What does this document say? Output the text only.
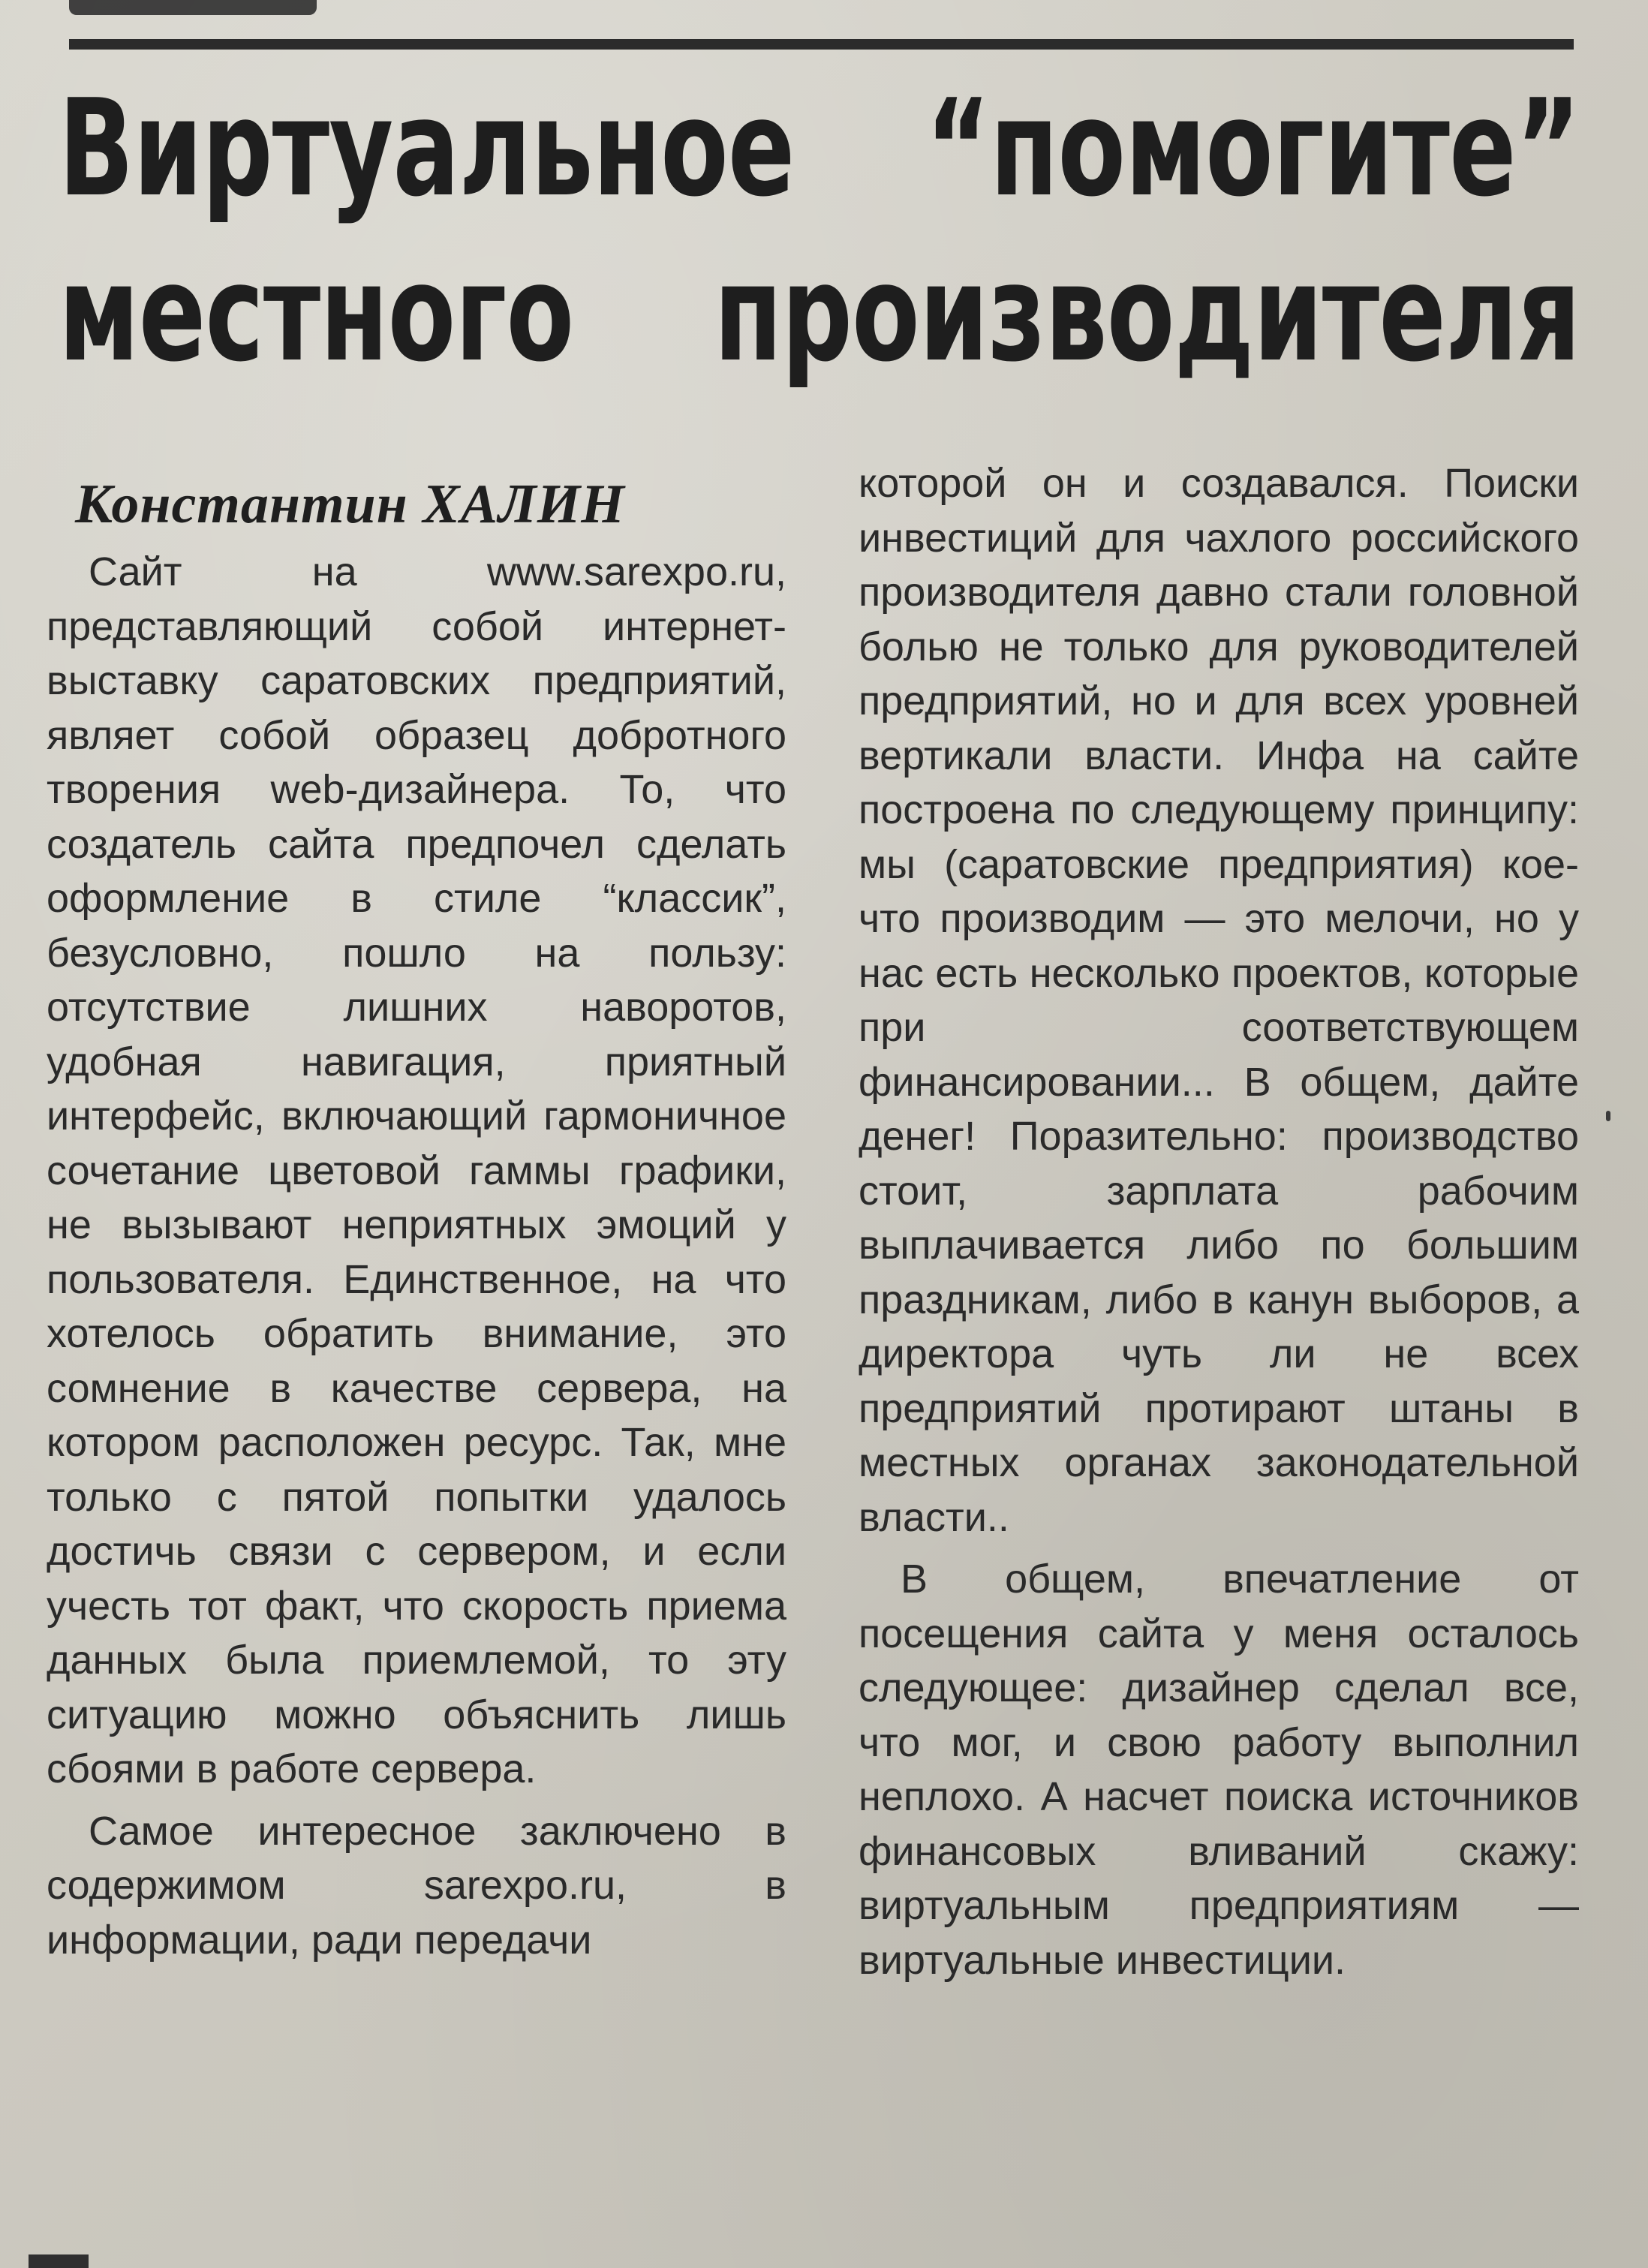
Виртуальное “помогите”
местного производителя
Константин ХАЛИН

Сайт на www.sarexpo.ru, представляющий собой интернет-выставку саратовских предприятий, являет собой образец добротного творения web-дизайнера. То, что создатель сайта предпочел сделать оформление в стиле “классик”, безусловно, пошло на пользу: отсутствие лишних наворотов, удобная навигация, приятный интерфейс, включающий гармоничное сочетание цветовой гаммы графики, не вызывают неприятных эмоций у пользователя. Единственное, на что хотелось обратить внимание, это сомнение в качестве сервера, на котором расположен ресурс. Так, мне только с пятой попытки удалось достичь связи с сервером, и если учесть тот факт, что скорость приема данных была приемлемой, то эту ситуацию можно объяснить лишь сбоями в работе сервера.

Самое интересное заключено в содержимом sarexpo.ru, в информации, ради передачи

которой он и создавался. Поиски инвестиций для чахлого российского производителя давно стали головной болью не только для руководителей предприятий, но и для всех уровней вертикали власти. Инфа на сайте построена по следующему принципу: мы (саратовские предприятия) кое-что производим — это мелочи, но у нас есть несколько проектов, которые при соответствующем финансировании... В общем, дайте денег! Поразительно: производство стоит, зарплата рабочим выплачивается либо по большим праздникам, либо в канун выборов, а директора чуть ли не всех предприятий протирают штаны в местных органах законодательной власти..

В общем, впечатление от посещения сайта у меня осталось следующее: дизайнер сделал все, что мог, и свою работу выполнил неплохо. А насчет поиска источников финансовых вливаний скажу: виртуальным предприятиям — виртуальные инвестиции.
